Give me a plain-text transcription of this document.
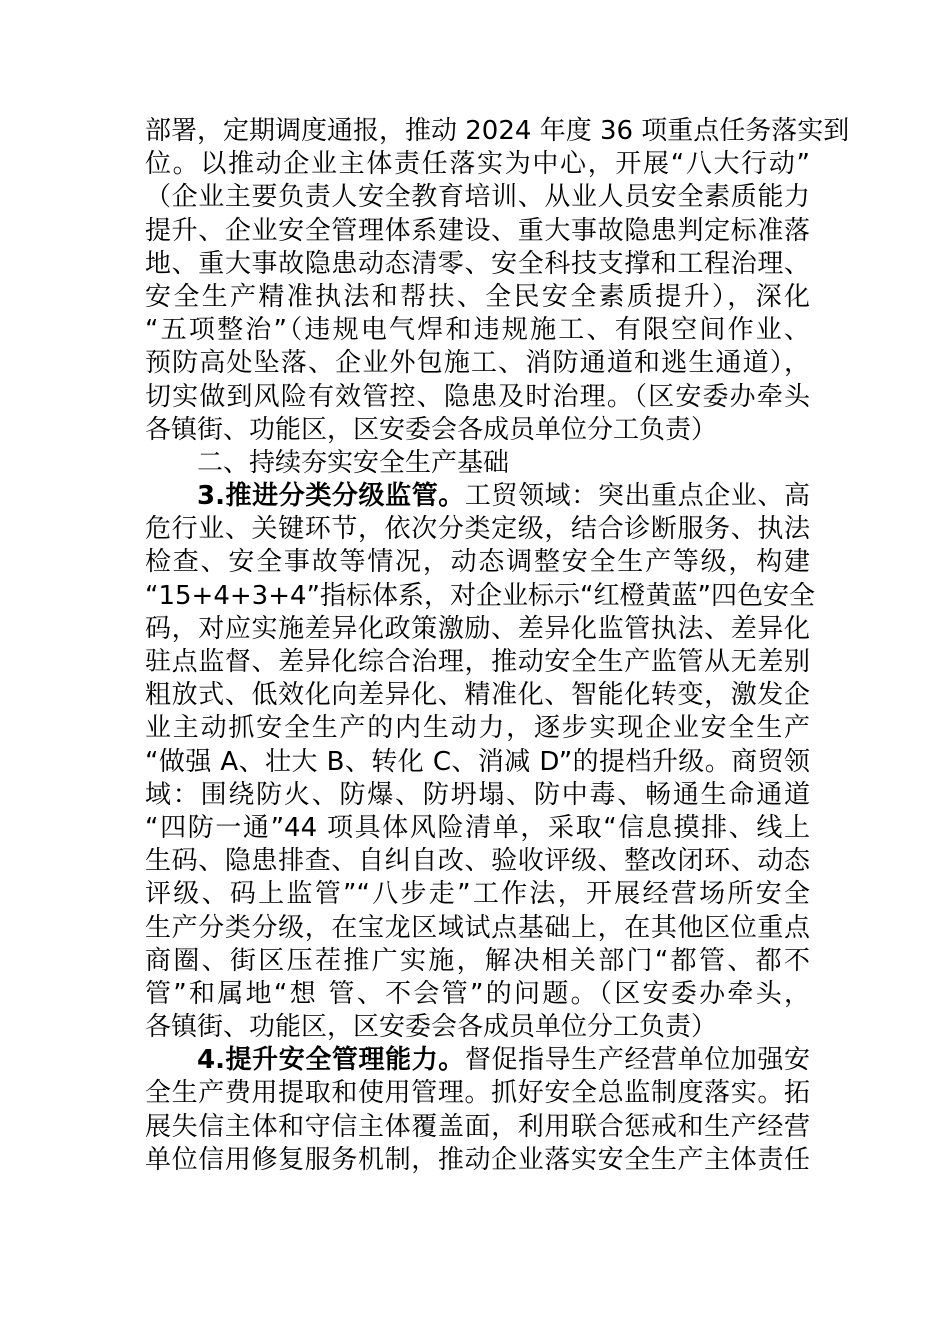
部署，定期调度通报，推动 2024 年度 36 项重点任务落实到
位。以推动企业主体责任落实为中心，开展“八大行动”
（企业主要负责人安全教育培训、从业人员安全素质能力
提升、企业安全管理体系建设、重大事故隐患判定标准落
地、重大事故隐患动态清零、安全科技支撑和工程治理、
安全生产精准执法和帮扶、全民安全素质提升），深化
“五项整治”（违规电气焊和违规施工、有限空间作业、
预防高处坠落、企业外包施工、消防通道和逃生通道），
切实做到风险有效管控、隐患及时治理。（区安委办牵头
各镇街、功能区，区安委会各成员单位分工负责）
二、持续夯实安全生产基础
3.推进分类分级监管。工贸领域：突出重点企业、高
危行业、关键环节，依次分类定级，结合诊断服务、执法
检查、安全事故等情况，动态调整安全生产等级，构建
“15+4+3+4”指标体系，对企业标示“红橙黄蓝”四色安全
码，对应实施差异化政策激励、差异化监管执法、差异化
驻点监督、差异化综合治理，推动安全生产监管从无差别
粗放式、低效化向差异化、精准化、智能化转变，激发企
业主动抓安全生产的内生动力，逐步实现企业安全生产
“做强 A、壮大 B、转化 C、消减 D”的提档升级。商贸领
域：围绕防火、防爆、防坍塌、防中毒、畅通生命通道
“四防一通”44 项具体风险清单，采取“信息摸排、线上
生码、隐患排查、自纠自改、验收评级、整改闭环、动态
评级、码上监管”“八步走”工作法，开展经营场所安全
生产分类分级，在宝龙区域试点基础上，在其他区位重点
商圈、街区压茬推广实施，解决相关部门“都管、都不
管”和属地“想 管、不会管”的问题。（区安委办牵头，
各镇街、功能区，区安委会各成员单位分工负责）
4.提升安全管理能力。督促指导生产经营单位加强安
全生产费用提取和使用管理。抓好安全总监制度落实。拓
展失信主体和守信主体覆盖面，利用联合惩戒和生产经营
单位信用修复服务机制，推动企业落实安全生产主体责任
